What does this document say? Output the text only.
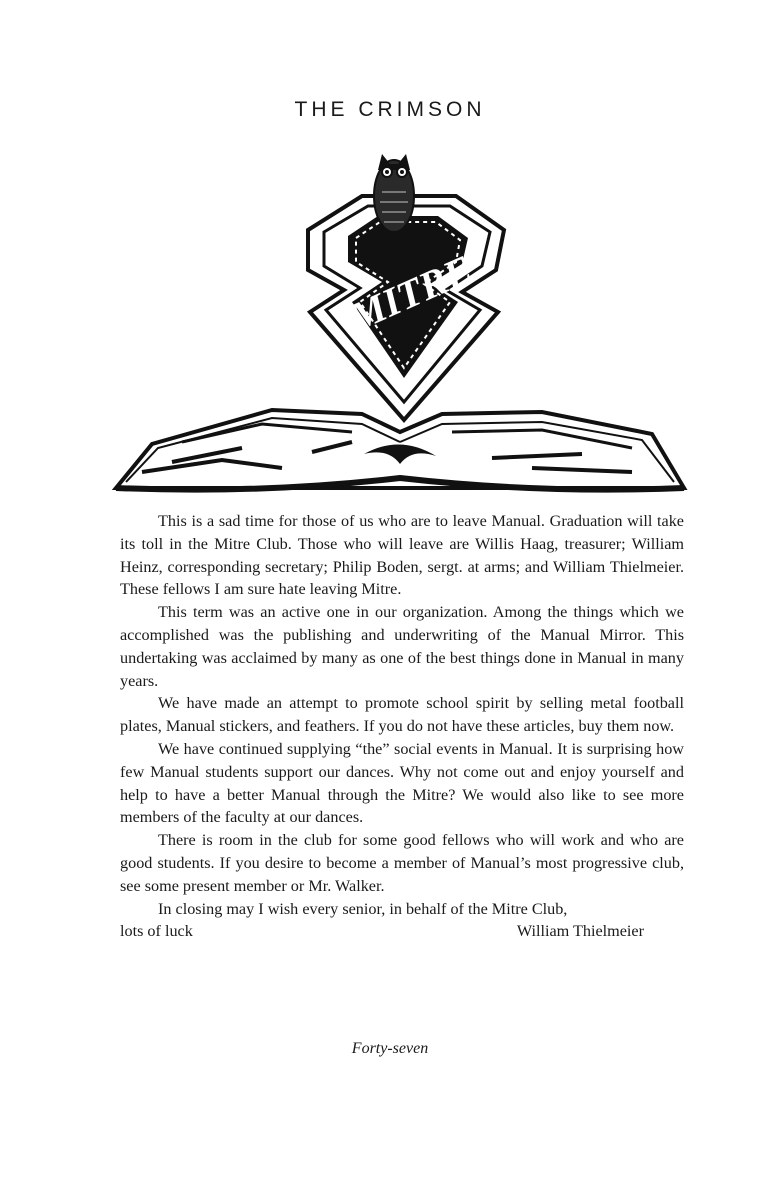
THE CRIMSON
MITRE

This is a sad time for those of us who are to leave Manual. Graduation will take its toll in the Mitre Club. Those who will leave are Willis Haag, treasurer; William Heinz, corresponding secretary; Philip Boden, sergt. at arms; and William Thielmeier. These fellows I am sure hate leaving Mitre.

This term was an active one in our organization. Among the things which we accomplished was the publishing and underwriting of the Manual Mirror. This undertaking was acclaimed by many as one of the best things done in Manual in many years.

We have made an attempt to promote school spirit by selling metal football plates, Manual stickers, and feathers. If you do not have these articles, buy them now.

We have continued supplying “the” social events in Manual. It is surprising how few Manual students support our dances. Why not come out and enjoy yourself and help to have a better Manual through the Mitre? We would also like to see more members of the faculty at our dances.

There is room in the club for some good fellows who will work and who are good students. If you desire to become a member of Manual’s most progressive club, see some present member or Mr. Walker.

In closing may I wish every senior, in behalf of the Mitre Club,

lots of luck	William Thielmeier
Forty-seven
